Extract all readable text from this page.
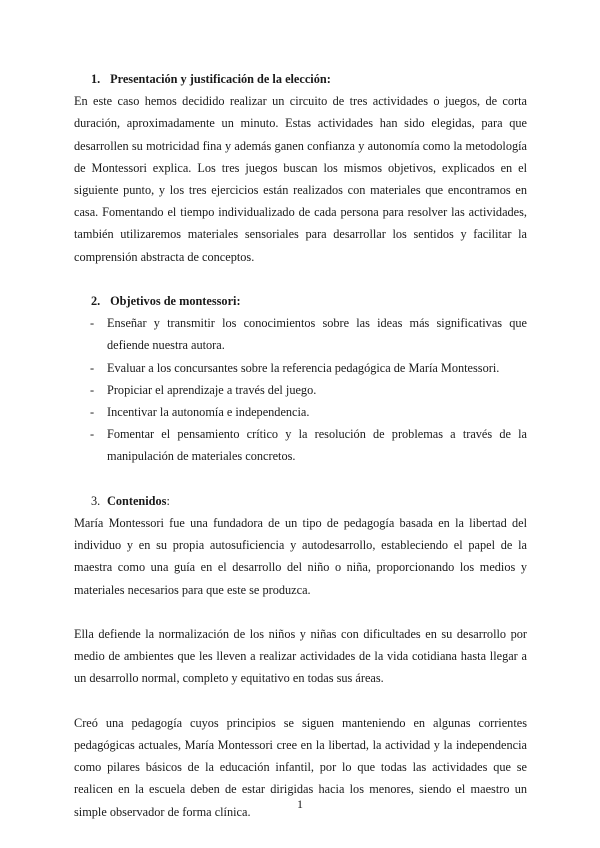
1. Presentación y justificación de la elección:

En este caso hemos decidido realizar un circuito de tres actividades o juegos, de corta duración, aproximadamente un minuto. Estas actividades han sido elegidas, para que desarrollen su motricidad fina y además ganen confianza y autonomía como la metodología de Montessori explica. Los tres juegos buscan los mismos objetivos, explicados en el siguiente punto, y los tres ejercicios están realizados con materiales que encontramos en casa. Fomentando el tiempo individualizado de cada persona para resolver las actividades, también utilizaremos materiales sensoriales para desarrollar los sentidos y facilitar la comprensión abstracta de conceptos.

2. Objetivos de montessori:
- Enseñar y transmitir los conocimientos sobre las ideas más significativas que defiende nuestra autora.
- Evaluar a los concursantes sobre la referencia pedagógica de María Montessori.
- Propiciar el aprendizaje a través del juego.
- Incentivar la autonomía e independencia.
- Fomentar el pensamiento crítico y la resolución de problemas a través de la manipulación de materiales concretos.
3. Contenidos:

María Montessori fue una fundadora de un tipo de pedagogía basada en la libertad del individuo y en su propia autosuficiencia y autodesarrollo, estableciendo el papel de la maestra como una guía en el desarrollo del niño o niña, proporcionando los medios y materiales necesarios para que este se produzca.

Ella defiende la normalización de los niños y niñas con dificultades en su desarrollo por medio de ambientes que les lleven a realizar actividades de la vida cotidiana hasta llegar a un desarrollo normal, completo y equitativo en todas sus áreas.

Creó una pedagogía cuyos principios se siguen manteniendo en algunas corrientes pedagógicas actuales, María Montessori cree en la libertad, la actividad y la independencia como pilares básicos de la educación infantil, por lo que todas las actividades que se realicen en la escuela deben de estar dirigidas hacia los menores, siendo el maestro un simple observador de forma clínica.

1
